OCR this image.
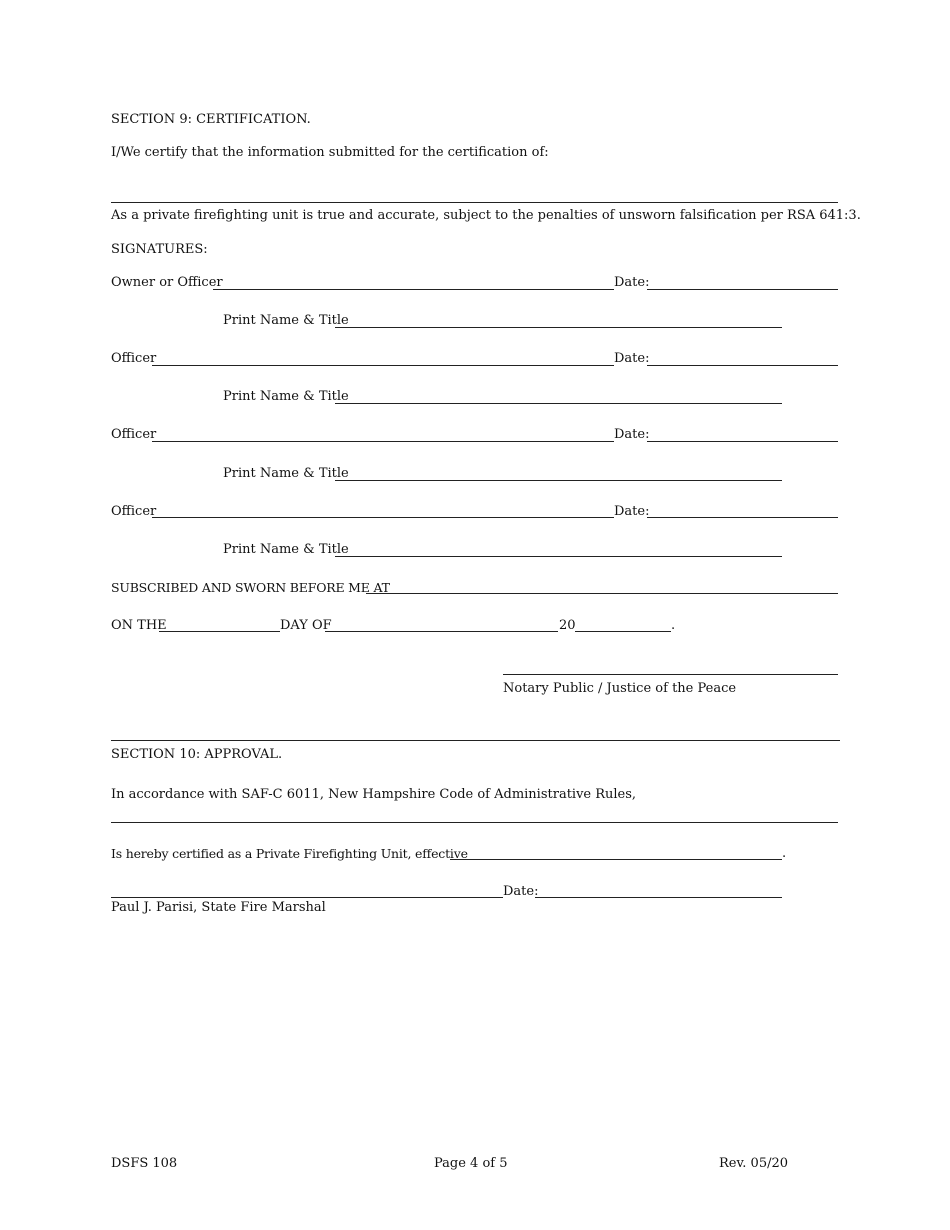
SECTION 9: CERTIFICATION.
I/We certify that the information submitted for the certification of:
As a private firefighting unit is true and accurate, subject to the penalties of unsworn falsification per RSA 641:3.
SIGNATURES:
Owner or Officer	Date:
Print Name & Title
Officer	Date:
Print Name & Title
Officer	Date:
Print Name & Title
Officer	Date:
Print Name & Title
SUBSCRIBED AND SWORN BEFORE ME AT
ON THE	DAY OF	20	.
Notary Public / Justice of the Peace
SECTION 10: APPROVAL.
In accordance with SAF-C 6011, New Hampshire Code of Administrative Rules,
Is hereby certified as a Private Firefighting Unit, effective	.
Date:
Paul J. Parisi, State Fire Marshal
DSFS 108	Page 4 of 5	Rev. 05/20
